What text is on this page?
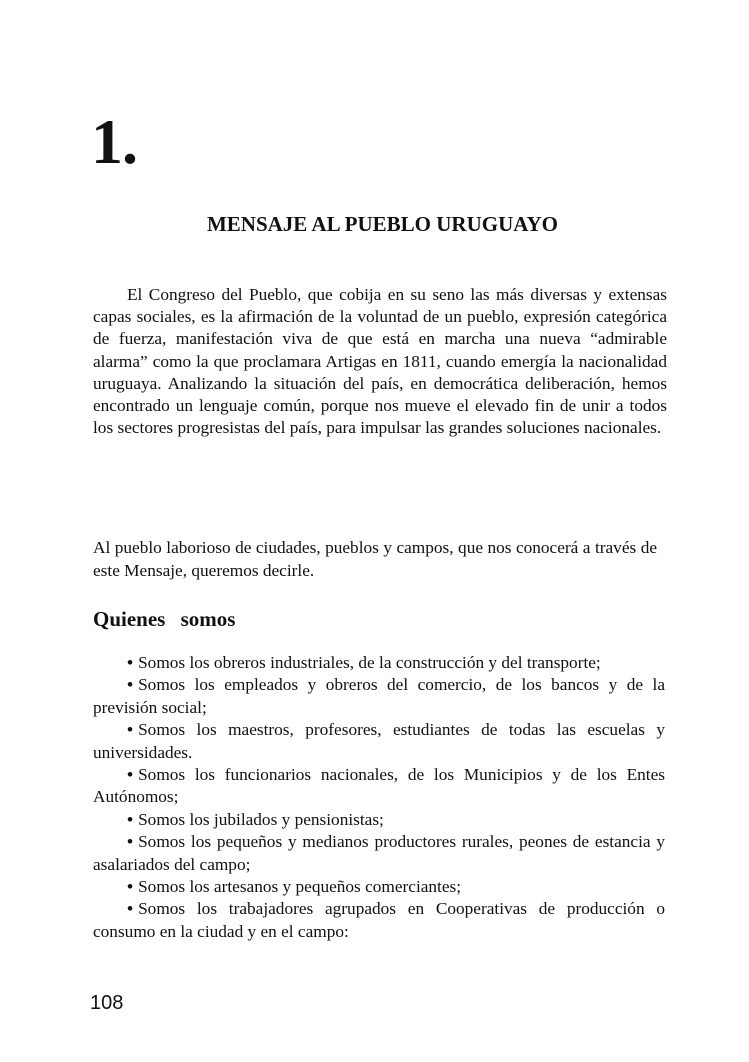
1.
MENSAJE AL PUEBLO URUGUAYO

El Congreso del Pueblo, que cobija en su seno las más diversas y extensas capas sociales, es la afirmación de la voluntad de un pueblo, expresión categórica de fuerza, manifestación viva de que está en marcha una nueva “admirable alarma” como la que proclamara Artigas en 1811, cuando emergía la nacionalidad uruguaya. Analizando la situación del país, en democrática deliberación, hemos encontrado un lenguaje común, porque nos mueve el elevado fin de unir a todos los sectores progresistas del país, para impulsar las grandes soluciones nacionales.

Al pueblo laborioso de ciudades, pueblos y campos, que nos conocerá a través de este Mensaje, queremos decirle.

Quienes somos
• Somos los obreros industriales, de la construcción y del transporte;
• Somos los empleados y obreros del comercio, de los bancos y de la previsión social;
• Somos los maestros, profesores, estudiantes de todas las escuelas y universidades.
• Somos los funcionarios nacionales, de los Municipios y de los Entes Autónomos;
• Somos los jubilados y pensionistas;
• Somos los pequeños y medianos productores rurales, peones de estancia y asalariados del campo;
• Somos los artesanos y pequeños comerciantes;
• Somos los trabajadores agrupados en Cooperativas de producción o consumo en la ciudad y en el campo:
108
